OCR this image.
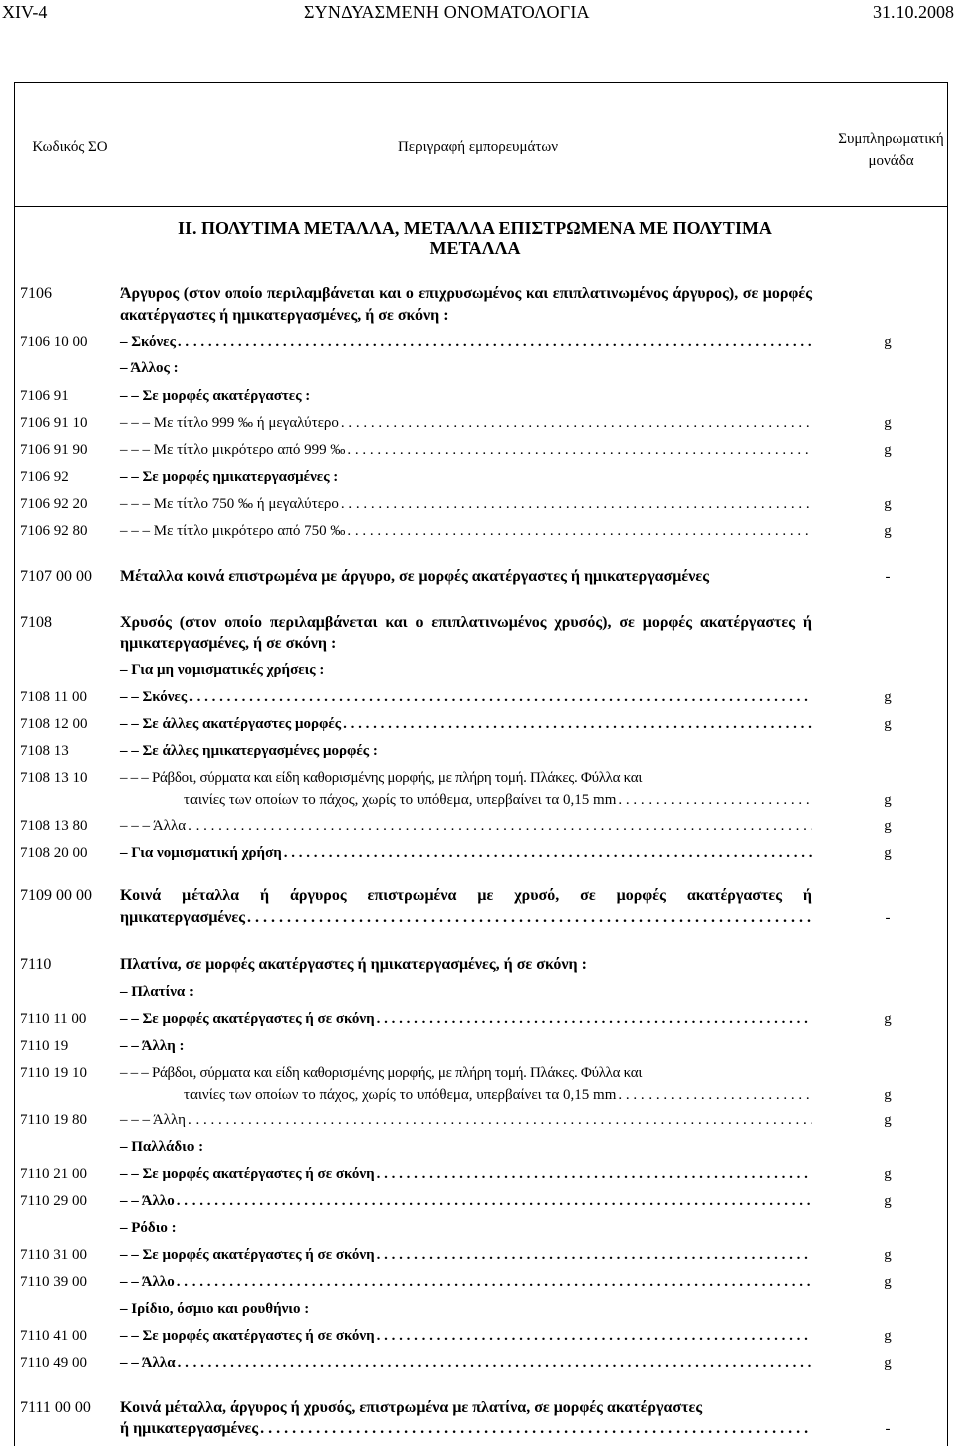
XIV-4	ΣΥΝΔΥΑΣΜΕΝΗ ΟΝΟΜΑΤΟΛΟΓΙΑ	31.10.2008
Κωδικός ΣΟ	Περιγραφή εμπορευμάτων	Συμπληρωματική
μονάδα
II. ΠΟΛΥΤΙΜΑ ΜΕΤΑΛΛΑ, ΜΕΤΑΛΛΑ ΕΠΙΣΤΡΩΜΕΝΑ ΜΕ ΠΟΛΥΤΙΜΑ
ΜΕΤΑΛΛΑ
7106	Άργυρος (στον οποίο περιλαμβάνεται και ο επιχρυσωμένος και επιπλατινωμένος άργυρος), σε μορφές ακατέργαστες ή ημικατεργασμένες, ή σε σκόνη :
7106 10 00	– Σκόνες . . .	g
– Άλλος :
7106 91	– – Σε μορφές ακατέργαστες :
7106 91 10	– – – Με τίτλο 999 ‰ ή μεγαλύτερο . . .	g
7106 91 90	– – – Με τίτλο μικρότερο από 999 ‰ . . .	g
7106 92	– – Σε μορφές ημικατεργασμένες :
7106 92 20	– – – Με τίτλο 750 ‰ ή μεγαλύτερο . . .	g
7106 92 80	– – – Με τίτλο μικρότερο από 750 ‰ . . .	g
7107 00 00	Μέταλλα κοινά επιστρωμένα με άργυρο, σε μορφές ακατέργαστες ή ημικατεργασμένες	-
7108	Χρυσός (στον οποίο περιλαμβάνεται και ο επιπλατινωμένος χρυσός), σε μορφές ακατέργαστες ή ημικατεργασμένες, ή σε σκόνη :
– Για μη νομισματικές χρήσεις :
7108 11 00	– – Σκόνες . . .	g
7108 12 00	– – Σε άλλες ακατέργαστες μορφές . . .	g
7108 13	– – Σε άλλες ημικατεργασμένες μορφές :
7108 13 10	– – – Ράβδοι, σύρματα και είδη καθορισμένης μορφής, με πλήρη τομή. Πλάκες. Φύλλα και
ταινίες των οποίων το πάχος, χωρίς το υπόθεμα, υπερβαίνει τα 0,15 mm . . .	g
7108 13 80	– – – Άλλα . . .	g
7108 20 00	– Για νομισματική χρήση . . .	g
7109 00 00	Κοινά μέταλλα ή άργυρος επιστρωμένα με χρυσό, σε μορφές ακατέργαστες ή
ημικατεργασμένες . . .	-
7110	Πλατίνα, σε μορφές ακατέργαστες ή ημικατεργασμένες, ή σε σκόνη :
– Πλατίνα :
7110 11 00	– – Σε μορφές ακατέργαστες ή σε σκόνη . . .	g
7110 19	– – Άλλη :
7110 19 10	– – – Ράβδοι, σύρματα και είδη καθορισμένης μορφής, με πλήρη τομή. Πλάκες. Φύλλα και
ταινίες των οποίων το πάχος, χωρίς το υπόθεμα, υπερβαίνει τα 0,15 mm . . .	g
7110 19 80	– – – Άλλη . . .	g
– Παλλάδιο :
7110 21 00	– – Σε μορφές ακατέργαστες ή σε σκόνη . . .	g
7110 29 00	– – Άλλο . . .	g
– Ρόδιο :
7110 31 00	– – Σε μορφές ακατέργαστες ή σε σκόνη . . .	g
7110 39 00	– – Άλλο . . .	g
– Ιρίδιο, όσμιο και ρουθήνιο :
7110 41 00	– – Σε μορφές ακατέργαστες ή σε σκόνη . . .	g
7110 49 00	– – Άλλα . . .	g
7111 00 00	Κοινά μέταλλα, άργυρος ή χρυσός, επιστρωμένα με πλατίνα, σε μορφές ακατέργαστες
ή ημικατεργασμένες . . .	-
